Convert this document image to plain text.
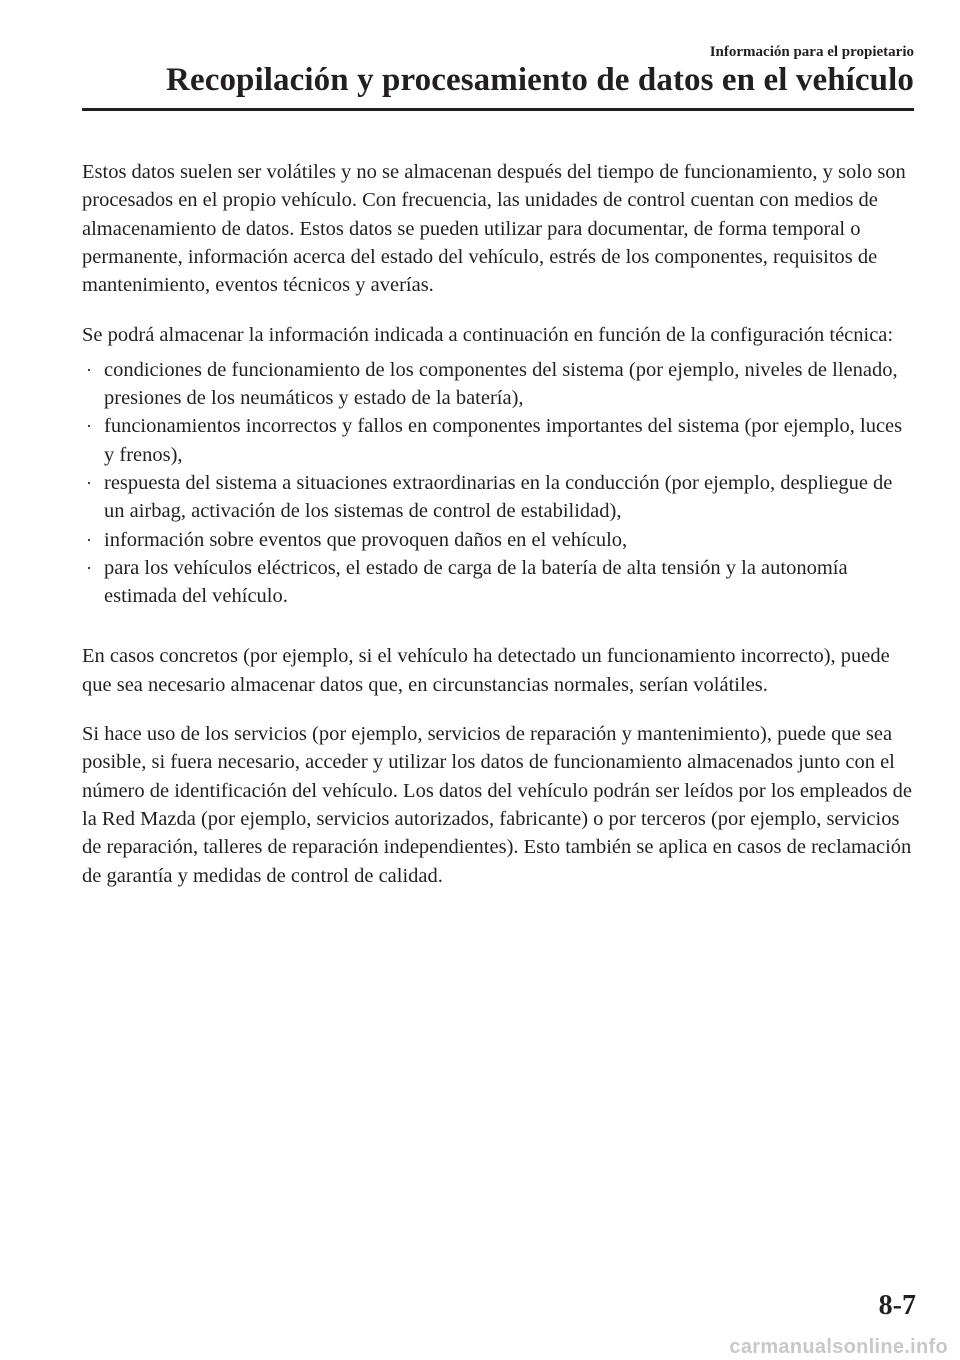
Información para el propietario
Recopilación y procesamiento de datos en el vehículo

Estos datos suelen ser volátiles y no se almacenan después del tiempo de funcionamiento, y solo son procesados en el propio vehículo. Con frecuencia, las unidades de control cuentan con medios de almacenamiento de datos. Estos datos se pueden utilizar para documentar, de forma temporal o permanente, información acerca del estado del vehículo, estrés de los componentes, requisitos de mantenimiento, eventos técnicos y averías.

Se podrá almacenar la información indicada a continuación en función de la configuración técnica:

· condiciones de funcionamiento de los componentes del sistema (por ejemplo, niveles de llenado, presiones de los neumáticos y estado de la batería),
· funcionamientos incorrectos y fallos en componentes importantes del sistema (por ejemplo, luces y frenos),
· respuesta del sistema a situaciones extraordinarias en la conducción (por ejemplo, despliegue de un airbag, activación de los sistemas de control de estabilidad),
· información sobre eventos que provoquen daños en el vehículo,
· para los vehículos eléctricos, el estado de carga de la batería de alta tensión y la autonomía estimada del vehículo.

En casos concretos (por ejemplo, si el vehículo ha detectado un funcionamiento incorrecto), puede que sea necesario almacenar datos que, en circunstancias normales, serían volátiles.

Si hace uso de los servicios (por ejemplo, servicios de reparación y mantenimiento), puede que sea posible, si fuera necesario, acceder y utilizar los datos de funcionamiento almacenados junto con el número de identificación del vehículo. Los datos del vehículo podrán ser leídos por los empleados de la Red Mazda (por ejemplo, servicios autorizados, fabricante) o por terceros (por ejemplo, servicios de reparación, talleres de reparación independientes). Esto también se aplica en casos de reclamación de garantía y medidas de control de calidad.

8-7
carmanualsonline.info
